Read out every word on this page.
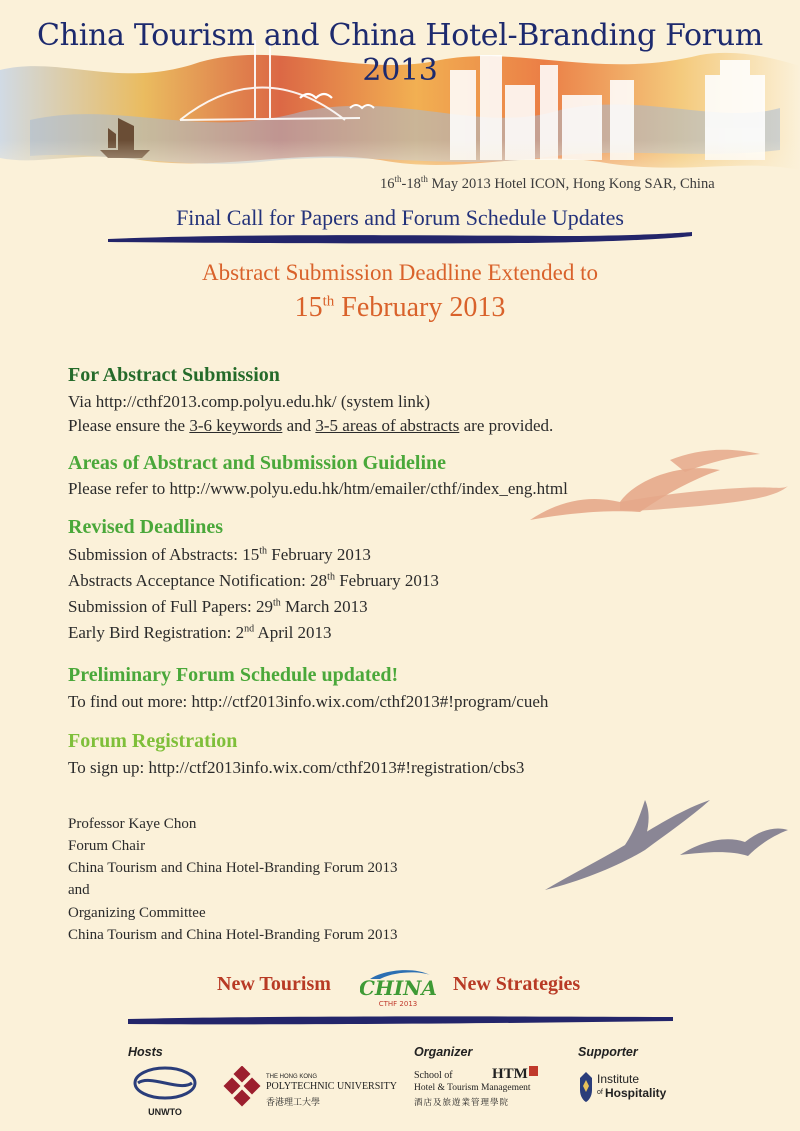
China Tourism and China Hotel-Branding Forum 2013
16th-18th May 2013 Hotel ICON, Hong Kong SAR, China
Final Call for Papers and Forum Schedule Updates
Abstract Submission Deadline Extended to
15th February 2013
For Abstract Submission
Via http://cthf2013.comp.polyu.edu.hk/ (system link)
Please ensure the 3-6 keywords and 3-5 areas of abstracts are provided.
Areas of Abstract and Submission Guideline
Please refer to http://www.polyu.edu.hk/htm/emailer/cthf/index_eng.html
Revised Deadlines
Submission of Abstracts: 15th February 2013
Abstracts Acceptance Notification: 28th February 2013
Submission of Full Papers: 29th March 2013
Early Bird Registration: 2nd April 2013
Preliminary Forum Schedule updated!
To find out more: http://ctf2013info.wix.com/cthf2013#!program/cueh
Forum Registration
To sign up: http://ctf2013info.wix.com/cthf2013#!registration/cbs3
Professor Kaye Chon
Forum Chair
China Tourism and China Hotel-Branding Forum 2013
and
Organizing Committee
China Tourism and China Hotel-Branding Forum 2013
New Tourism CHINA
CTHF 2013
New Strategies
Hosts	Organizer	Supporter
UNWTO
THE HONG KONG
POLYTECHNIC UNIVERSITY
香港理工大學
School of	HTM
Hotel & Tourism Management
酒店及旅遊業管理學院
Institute
of Hospitality
